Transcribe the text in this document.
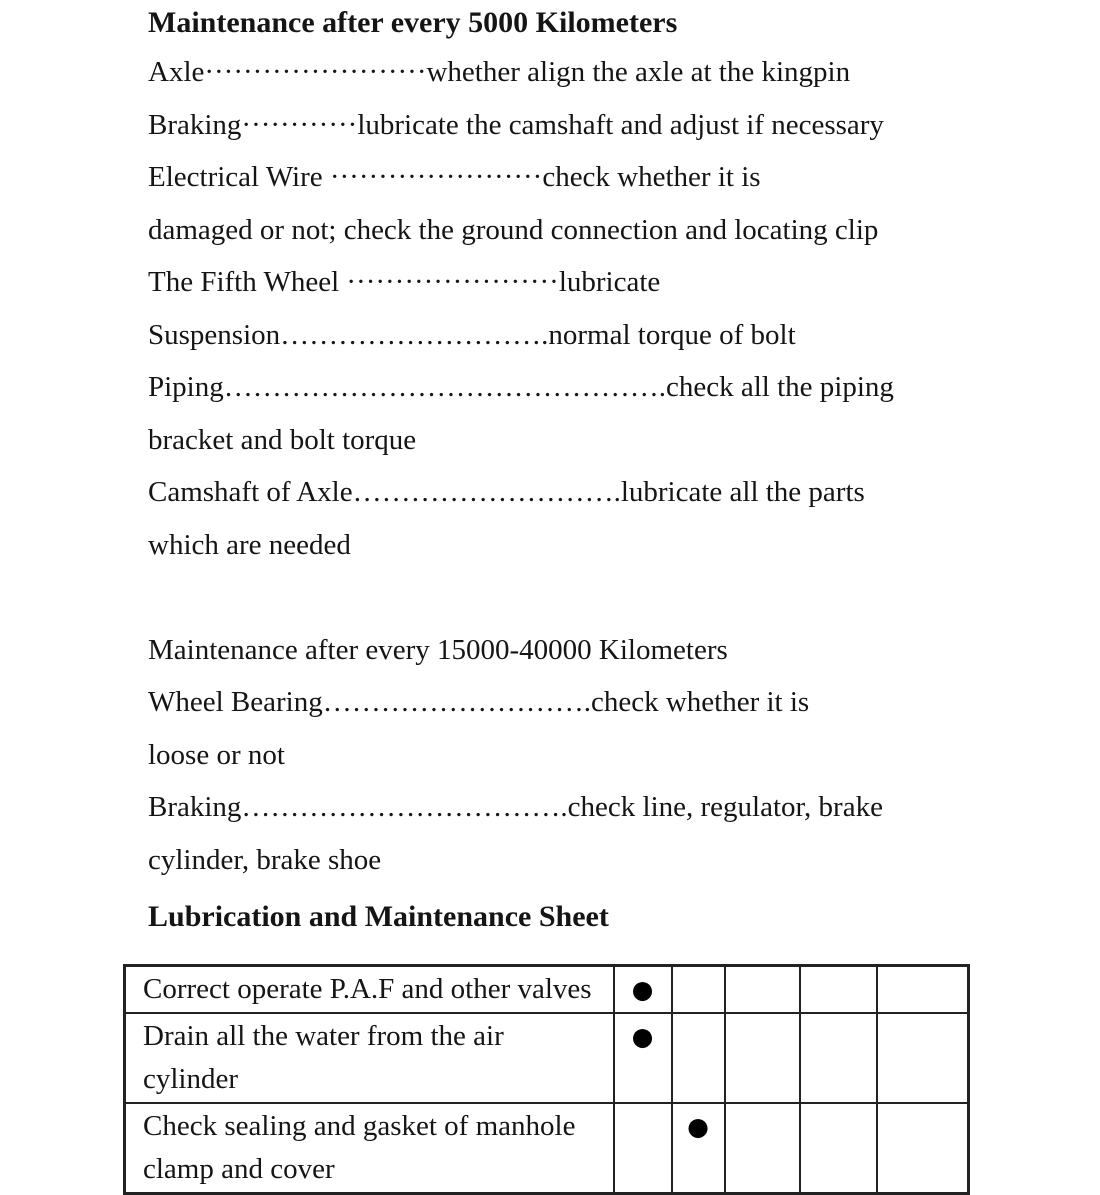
Maintenance after every 5000 Kilometers
Axle·······················whether align the axle at the kingpin
Braking············lubricate the camshaft and adjust if necessary
Electrical Wire ······················check whether it is
damaged or not; check the ground connection and locating clip
The Fifth Wheel ······················lubricate
Suspension……………………….normal torque of bolt
Piping……………………………………….check all the piping
bracket and bolt torque
Camshaft of Axle……………………….lubricate all the parts
which are needed
Maintenance after every 15000-40000 Kilometers
Wheel Bearing……………………….check whether it is
loose or not
Braking…………………………….check line, regulator, brake
cylinder, brake shoe
Lubrication and Maintenance Sheet
Correct operate P.A.F and other valves	●				
Drain all the water from the air cylinder	●				
Check sealing and gasket of manhole clamp and cover		●			
